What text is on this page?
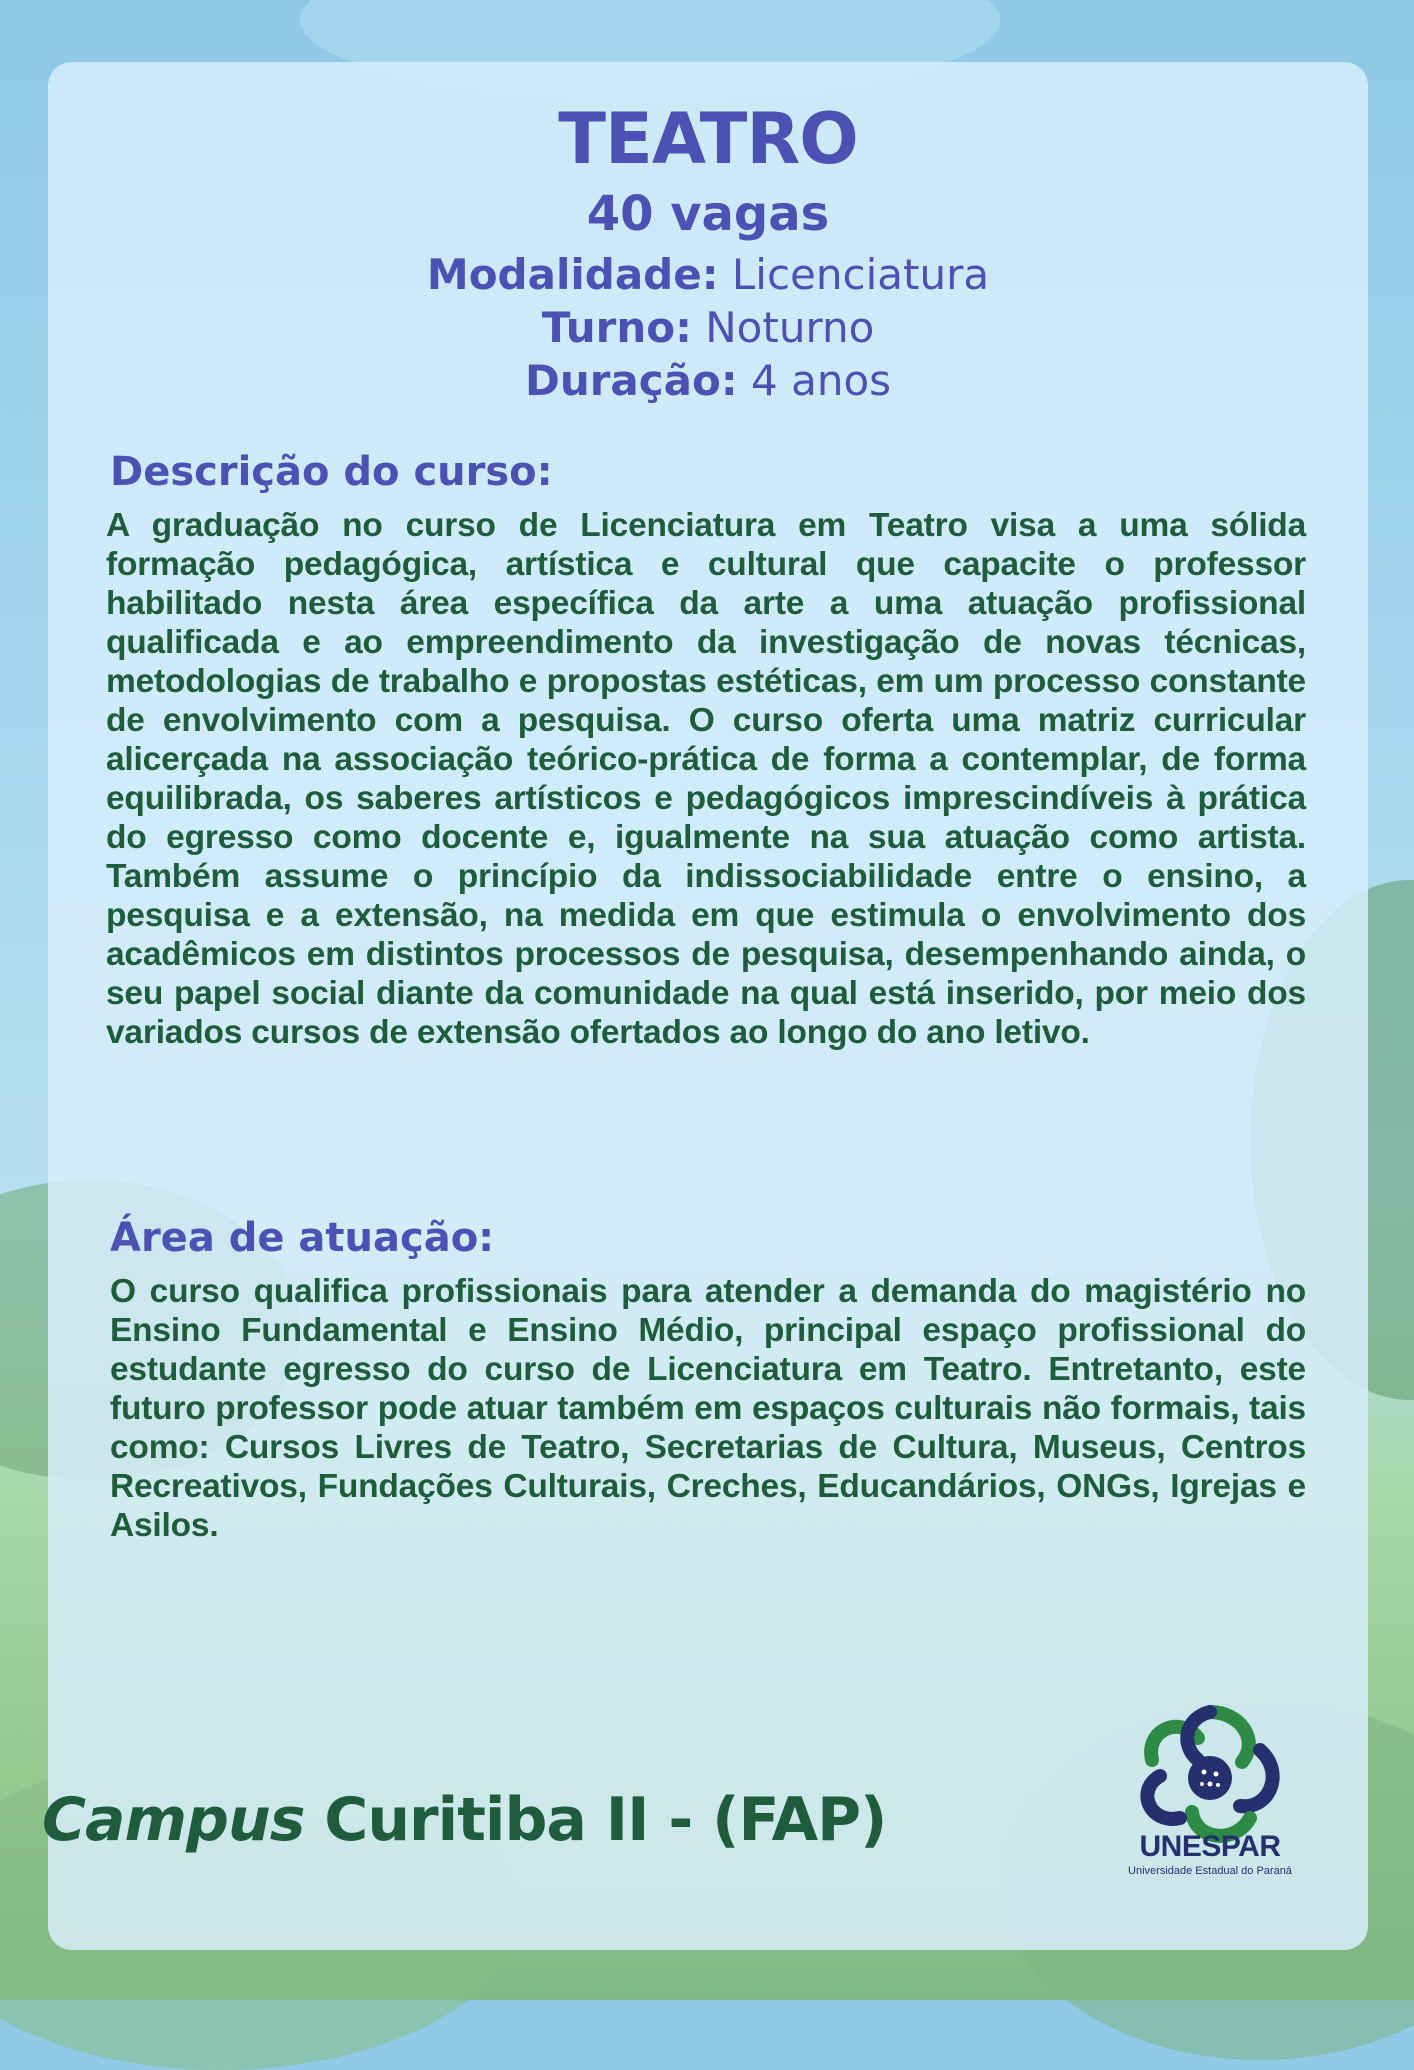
TEATRO
40 vagas
Modalidade: Licenciatura
Turno: Noturno
Duração: 4 anos
Descrição do curso:
A graduação no curso de Licenciatura em Teatro visa a uma sólida formação pedagógica, artística e cultural que capacite o professor habilitado nesta área específica da arte a uma atuação profissional qualificada e ao empreendimento da investigação de novas técnicas, metodologias de trabalho e propostas estéticas, em um processo constante de envolvimento com a pesquisa. O curso oferta uma matriz curricular alicerçada na associação teórico-prática de forma a contemplar, de forma equilibrada, os saberes artísticos e pedagógicos imprescindíveis à prática do egresso como docente e, igualmente na sua atuação como artista. Também assume o princípio da indissociabilidade entre o ensino, a pesquisa e a extensão, na medida em que estimula o envolvimento dos acadêmicos em distintos processos de pesquisa, desempenhando ainda, o seu papel social diante da comunidade na qual está inserido, por meio dos variados cursos de extensão ofertados ao longo do ano letivo.
Área de atuação:
O curso qualifica profissionais para atender a demanda do magistério no Ensino Fundamental e Ensino Médio, principal espaço profissional do estudante egresso do curso de Licenciatura em Teatro. Entretanto, este futuro professor pode atuar também em espaços culturais não formais, tais como: Cursos Livres de Teatro, Secretarias de Cultura, Museus, Centros Recreativos, Fundações Culturais, Creches, Educandários, ONGs, Igrejas e Asilos.
Campus Curitiba II - (FAP)	UNESPAR
Universidade Estadual do Paraná
